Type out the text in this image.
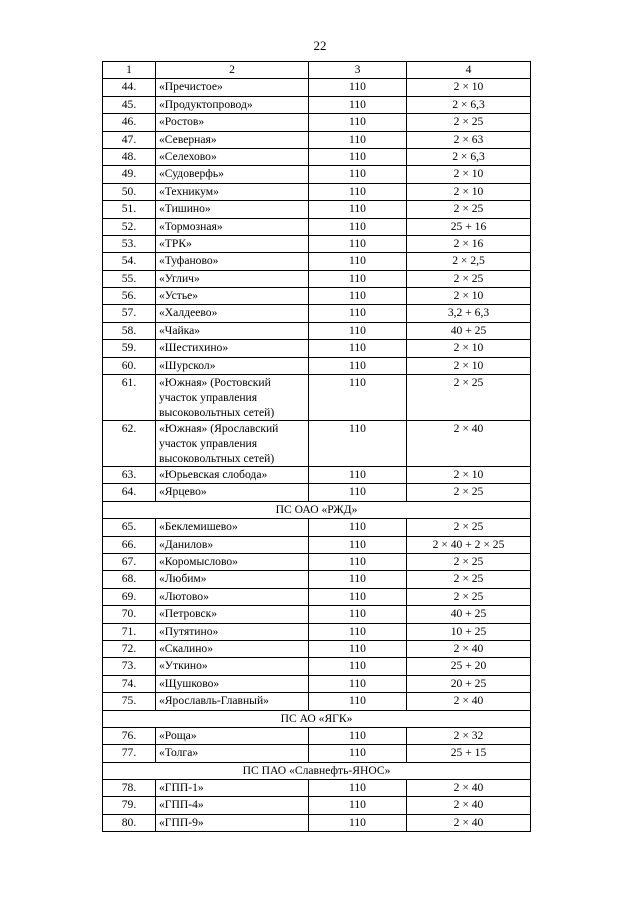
22
1	2	3	4
44.	«Пречистое»	110	2 × 10
45.	«Продуктопровод»	110	2 × 6,3
46.	«Ростов»	110	2 × 25
47.	«Северная»	110	2 × 63
48.	«Селехово»	110	2 × 6,3
49.	«Судоверфь»	110	2 × 10
50.	«Техникум»	110	2 × 10
51.	«Тишино»	110	2 × 25
52.	«Тормозная»	110	25 + 16
53.	«ТРК»	110	2 × 16
54.	«Туфаново»	110	2 × 2,5
55.	«Углич»	110	2 × 25
56.	«Устье»	110	2 × 10
57.	«Халдеево»	110	3,2 + 6,3
58.	«Чайка»	110	40 + 25
59.	«Шестихино»	110	2 × 10
60.	«Шурскол»	110	2 × 10
61.	«Южная» (Ростовский участок управления высоковольтных сетей)	110	2 × 25
62.	«Южная» (Ярославский участок управления высоковольтных сетей)	110	2 × 40
63.	«Юрьевская слобода»	110	2 × 10
64.	«Ярцево»	110	2 × 25
ПС ОАО «РЖД»			
65.	«Беклемишево»	110	2 × 25
66.	«Данилов»	110	2 × 40 + 2 × 25
67.	«Коромыслово»	110	2 × 25
68.	«Любим»	110	2 × 25
69.	«Лютово»	110	2 × 25
70.	«Петровск»	110	40 + 25
71.	«Путятино»	110	10 + 25
72.	«Скалино»	110	2 × 40
73.	«Уткино»	110	25 + 20
74.	«Щушково»	110	20 + 25
75.	«Ярославль-Главный»	110	2 × 40
ПС АО «ЯГК»			
76.	«Роща»	110	2 × 32
77.	«Толга»	110	25 + 15
ПС ПАО «Славнефть-ЯНОС»			
78.	«ГПП-1»	110	2 × 40
79.	«ГПП-4»	110	2 × 40
80.	«ГПП-9»	110	2 × 40
